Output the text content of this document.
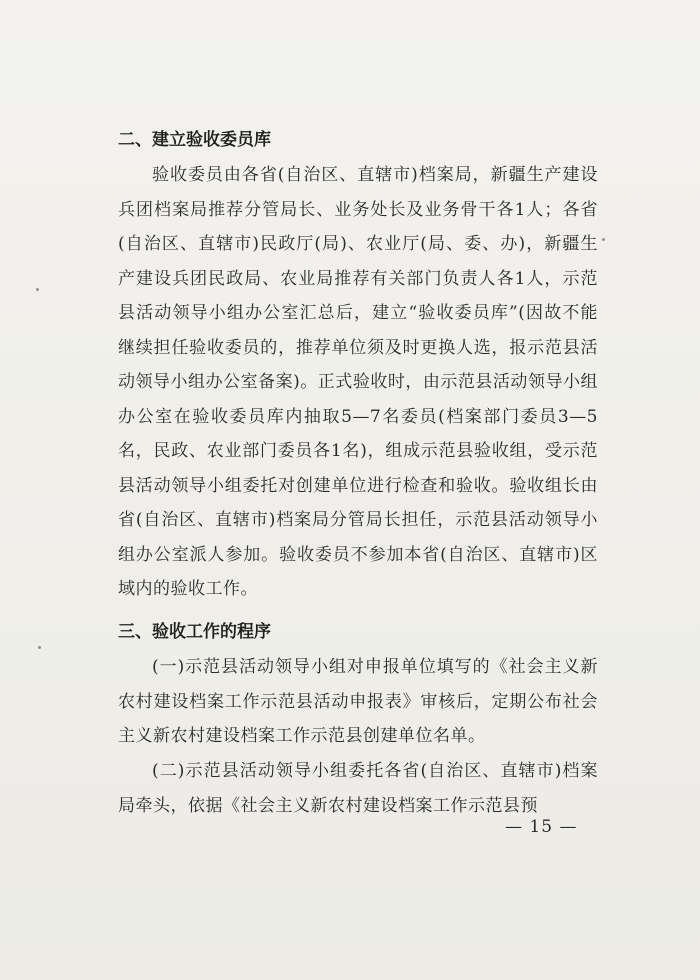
二、建立验收委员库
验收委员由各省(自治区、直辖市)档案局，新疆生产建设兵团档案局推荐分管局长、业务处长及业务骨干各1人；各省(自治区、直辖市)民政厅(局)、农业厅(局、委、办)，新疆生产建设兵团民政局、农业局推荐有关部门负责人各1人，示范县活动领导小组办公室汇总后，建立“验收委员库”(因故不能继续担任验收委员的，推荐单位须及时更换人选，报示范县活动领导小组办公室备案)。正式验收时，由示范县活动领导小组办公室在验收委员库内抽取5—7名委员(档案部门委员3—5名，民政、农业部门委员各1名)，组成示范县验收组，受示范县活动领导小组委托对创建单位进行检查和验收。验收组长由省(自治区、直辖市)档案局分管局长担任，示范县活动领导小组办公室派人参加。验收委员不参加本省(自治区、直辖市)区域内的验收工作。
三、验收工作的程序
(一)示范县活动领导小组对申报单位填写的《社会主义新农村建设档案工作示范县活动申报表》审核后，定期公布社会主义新农村建设档案工作示范县创建单位名单。
(二)示范县活动领导小组委托各省(自治区、直辖市)档案局牵头，依据《社会主义新农村建设档案工作示范县预
— 15 —
